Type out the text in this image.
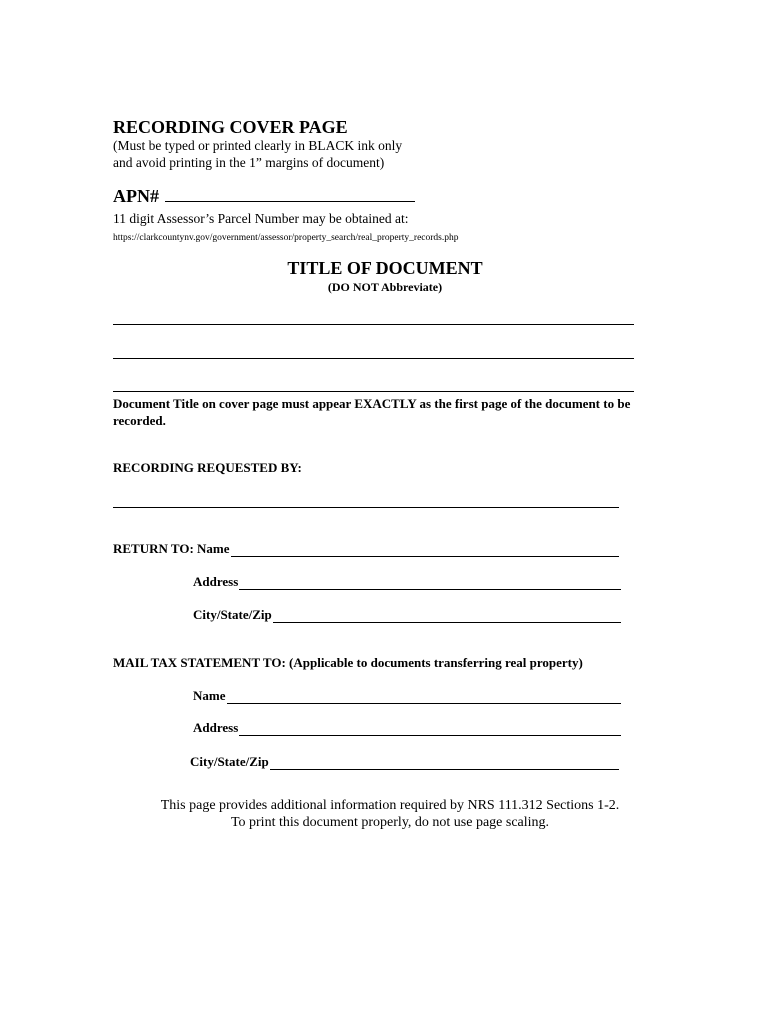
RECORDING COVER PAGE
(Must be typed or printed clearly in BLACK ink only
and avoid printing in the 1” margins of document)
APN#
11 digit Assessor’s Parcel Number may be obtained at:
https://clarkcountynv.gov/government/assessor/property_search/real_property_records.php
TITLE OF DOCUMENT
(DO NOT Abbreviate)
Document Title on cover page must appear EXACTLY as the first page of the document to be recorded.
RECORDING REQUESTED BY:
RETURN TO: Name
Address
City/State/Zip
MAIL TAX STATEMENT TO: (Applicable to documents transferring real property)
Name
Address
City/State/Zip
This page provides additional information required by NRS 111.312 Sections 1-2.
To print this document properly, do not use page scaling.
